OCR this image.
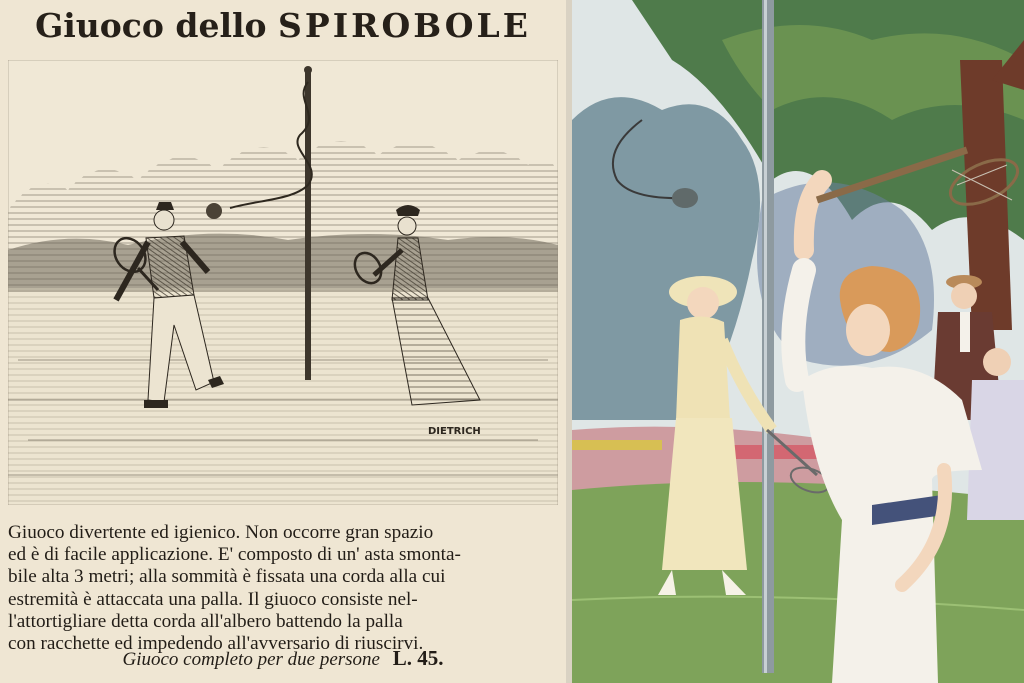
Giuoco dello SPIROBOLE
DIETRICH
Giuoco divertente ed igienico. Non occorre gran spazio
ed è di facile applicazione. E' composto di un' asta smonta-
bile alta 3 metri; alla sommità è fissata una corda alla cui
estremità è attaccata una palla. Il giuoco consiste nel-
l'attortigliare detta corda all'albero battendo la palla
con racchette ed impedendo all'avversario di riuscirvi.
Giuoco completo per due persone L. 45.
